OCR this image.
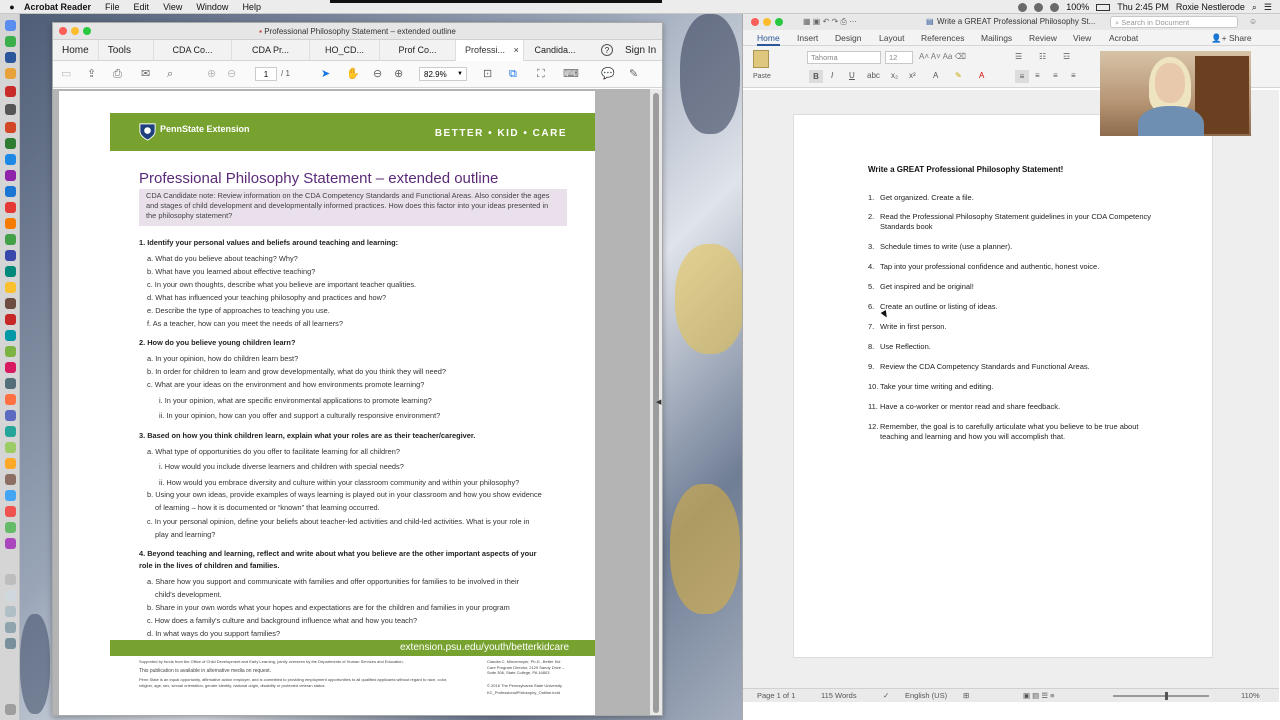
●	Acrobat Reader File Edit View Window Help	100%	Thu 2:45 PM Roxie Nestlerode ⌕ ☰
▪ Professional Philosophy Statement – extended outline
Home	Tools	CDA Co...	CDA Pr...	HO_CD...	Prof Co...	Professi... ×	Candida...	?	Sign In
▭ ⇪ ⎙ ✉ ⌕	⊕ ⊖	1	/ 1	➤ ✋ ⊖ ⊕	82.9% ▼ ⊡ ⧉ ⛶ ⌨ 💬 ✎
PennState Extension	BETTER • KID • CARE
Professional Philosophy Statement – extended outline
CDA Candidate note: Review information on the CDA Competency Standards and Functional Areas. Also consider the ages and stages of child development and developmentally informed practices. How does this factor into your ideas presented in the philosophy statement?
1. Identify your personal values and beliefs around teaching and learning:
a. What do you believe about teaching? Why?
b. What have you learned about effective teaching?
c. In your own thoughts, describe what you believe are important teacher qualities.
d. What has influenced your teaching philosophy and practices and how?
e. Describe the type of approaches to teaching you use.
f. As a teacher, how can you meet the needs of all learners?
2. How do you believe young children learn?
a. In your opinion, how do children learn best?
b. In order for children to learn and grow developmentally, what do you think they will need?
c. What are your ideas on the environment and how environments promote learning?
i. In your opinion, what are specific environmental applications to promote learning?
ii. In your opinion, how can you offer and support a culturally responsive environment?
3. Based on how you think children learn, explain what your roles are as their teacher/caregiver.
a. What type of opportunities do you offer to facilitate learning for all children?
i. How would you include diverse learners and children with special needs?
ii. How would you embrace diversity and culture within your classroom community and within your philosophy?
b. Using your own ideas, provide examples of ways learning is played out in your classroom and how you show evidence
of learning – how it is documented or “known” that learning occurred.
c. In your personal opinion, define your beliefs about teacher-led activities and child-led activities. What is your role in
play and learning?
4. Beyond teaching and learning, reflect and write about what you believe are the other important aspects of your
role in the lives of children and families.
a. Share how you support and communicate with families and offer opportunities for families to be involved in their
child's development.
b. Share in your own words what your hopes and expectations are for the children and families in your program
c. How does a family's culture and background influence what and how you teach?
d. In what ways do you support families?
extension.psu.edu/youth/betterkidcare
Supported by funds from the Office of Child Development and Early Learning, jointly overseen by the Departments of Human Services and Education.
This publication is available in alternative media on request.
Penn State is an equal opportunity, affirmative action employer, and is committed to providing employment opportunities to all qualified applicants without regard to race, color, religion, age, sex, sexual orientation, gender identity, national origin, disability or protected veteran status.
Claudia C. Mincemoyer, Ph.D., Better Kid Care Program Director, 2129 Sandy Drive – Suite 306, State College, PA 16803
© 2016 The Pennsylvania State University
KC_ProfessionalPhilosophy_Outline.indd
◀
▦ ▣ ↶ ↷ ⎙ ⋯	▤ Write a GREAT Professional Philosophy St...	⌕ Search in Document	☺
Home Insert Design Layout References Mailings Review View Acrobat	👤+ Share
Paste
Tahoma	12	A˄ A˅ Aa ⌫
B	I U abc x₂ x² A ✎ A
☰ ☷ ☲
≡	≡ ≡ ≡
Write a GREAT Professional Philosophy Statement!
1. Get organized. Create a file.
2. Read the Professional Philosophy Statement guidelines in your CDA Competency Standards book
3. Schedule times to write (use a planner).
4. Tap into your professional confidence and authentic, honest voice.
5. Get inspired and be original!
6. Create an outline or listing of ideas.
7. Write in first person.
8. Use Reflection.
9. Review the CDA Competency Standards and Functional Areas.
10. Take your time writing and editing.
11. Have a co-worker or mentor read and share feedback.
12. Remember, the goal is to carefully articulate what you believe to be true about teaching and learning and how you will accomplish that.
Page 1 of 1	115 Words	✓ English (US) ⊞	▣ ▤ ☰ ≡	110%
